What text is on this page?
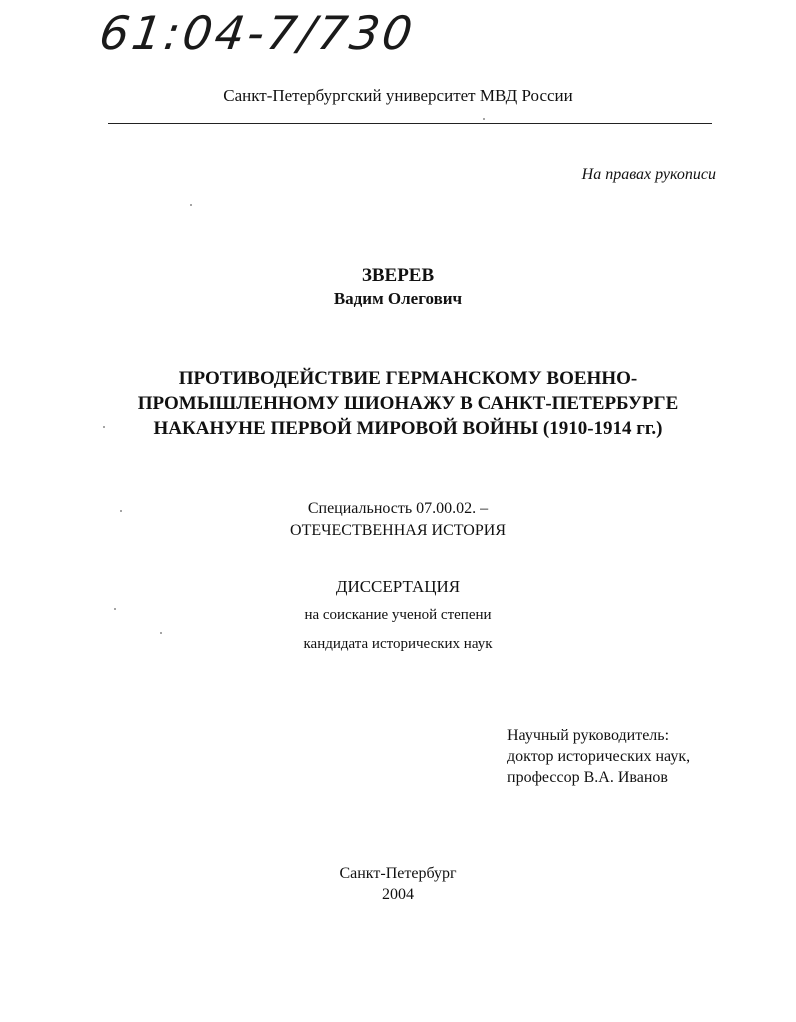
61:04-7/730
Санкт-Петербургский университет МВД России
На правах рукописи
ЗВЕРЕВ
Вадим Олегович
ПРОТИВОДЕЙСТВИЕ ГЕРМАНСКОМУ ВОЕННО-
ПРОМЫШЛЕННОМУ ШИОНАЖУ В САНКТ-ПЕТЕРБУРГЕ
НАКАНУНЕ ПЕРВОЙ МИРОВОЙ ВОЙНЫ (1910-1914 гг.)
Специальность 07.00.02. –
ОТЕЧЕСТВЕННАЯ ИСТОРИЯ
ДИССЕРТАЦИЯ
на соискание ученой степени
кандидата исторических наук
Научный руководитель:
доктор исторических наук,
профессор В.А. Иванов
Санкт-Петербург
2004
